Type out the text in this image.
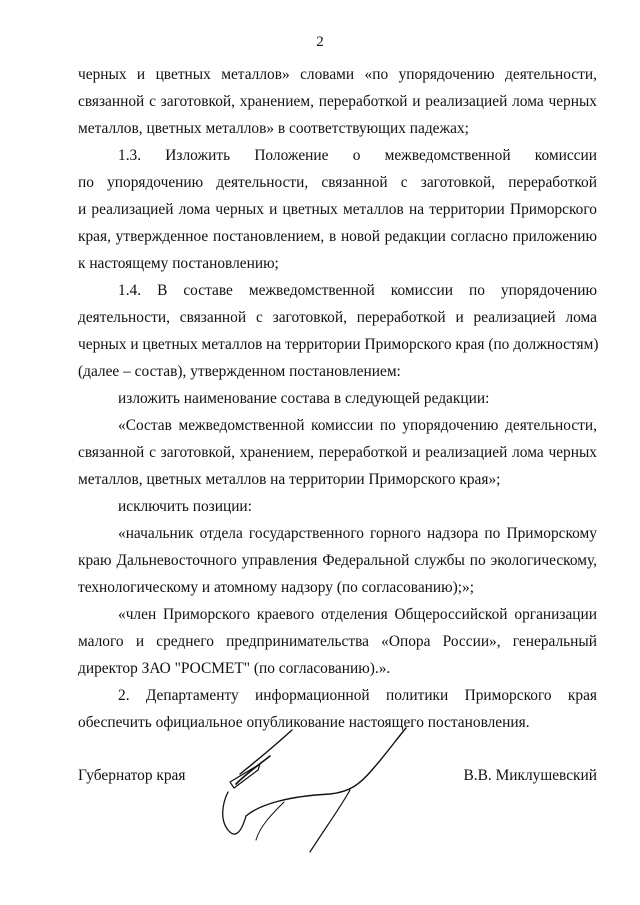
2
черных и цветных металлов» словами «по упорядочению деятельности,
связанной с заготовкой, хранением, переработкой и реализацией лома черных
металлов, цветных металлов» в соответствующих падежах;
1.3. Изложить Положение о межведомственной комиссии
по упорядочению деятельности, связанной с заготовкой, переработкой
и реализацией лома черных и цветных металлов на территории Приморского
края, утвержденное постановлением, в новой редакции согласно приложению
к настоящему постановлению;
1.4. В составе межведомственной комиссии по упорядочению
деятельности, связанной с заготовкой, переработкой и реализацией лома
черных и цветных металлов на территории Приморского края (по должностям)
(далее – состав), утвержденном постановлением:
изложить наименование состава в следующей редакции:
«Состав межведомственной комиссии по упорядочению деятельности,
связанной с заготовкой, хранением, переработкой и реализацией лома черных
металлов, цветных металлов на территории Приморского края»;
исключить позиции:
«начальник отдела государственного горного надзора по Приморскому
краю Дальневосточного управления Федеральной службы по экологическому,
технологическому и атомному надзору (по согласованию);»;
«член Приморского краевого отделения Общероссийской организации
малого и среднего предпринимательства «Опора России», генеральный
директор ЗАО "РОСМЕТ" (по согласованию).».
2. Департаменту информационной политики Приморского края
обеспечить официальное опубликование настоящего постановления.
Губернатор края	В.В. Миклушевский
